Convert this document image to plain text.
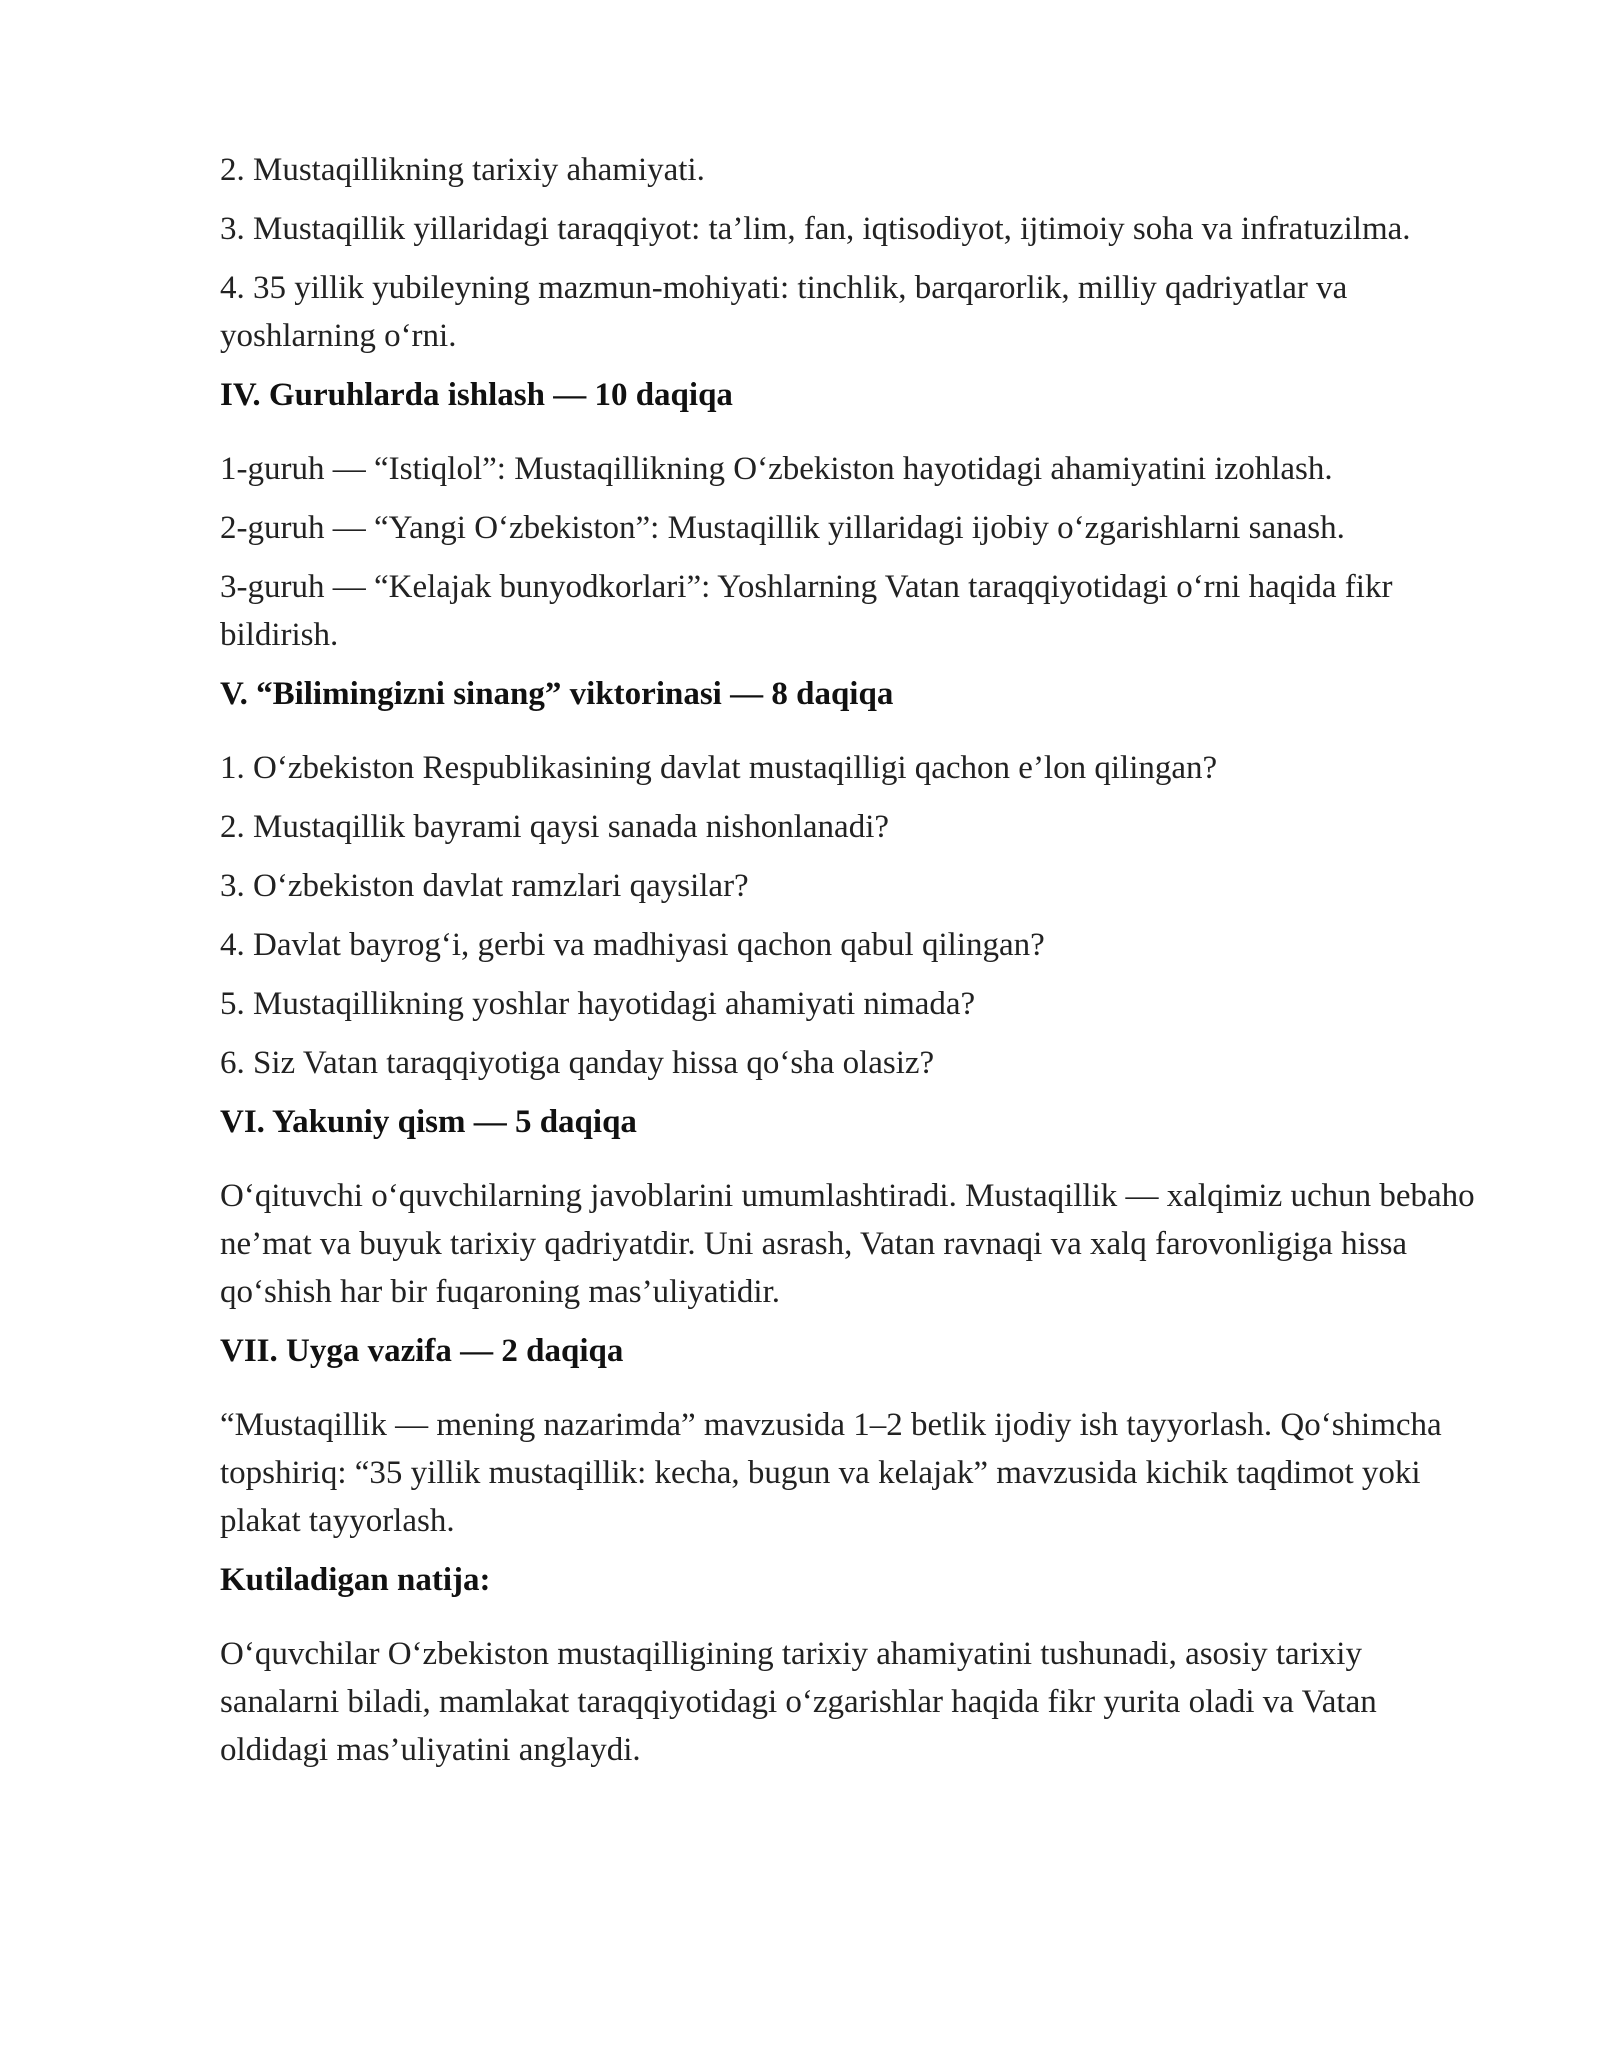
2. Mustaqillikning tarixiy ahamiyati.

3. Mustaqillik yillaridagi taraqqiyot: ta’lim, fan, iqtisodiyot, ijtimoiy soha va infratuzilma.

4. 35 yillik yubileyning mazmun-mohiyati: tinchlik, barqarorlik, milliy qadriyatlar va yoshlarning o‘rni.

IV. Guruhlarda ishlash — 10 daqiqa

1-guruh — “Istiqlol”: Mustaqillikning O‘zbekiston hayotidagi ahamiyatini izohlash.

2-guruh — “Yangi O‘zbekiston”: Mustaqillik yillaridagi ijobiy o‘zgarishlarni sanash.

3-guruh — “Kelajak bunyodkorlari”: Yoshlarning Vatan taraqqiyotidagi o‘rni haqida fikr bildirish.

V. “Bilimingizni sinang” viktorinasi — 8 daqiqa

1. O‘zbekiston Respublikasining davlat mustaqilligi qachon e’lon qilingan?

2. Mustaqillik bayrami qaysi sanada nishonlanadi?

3. O‘zbekiston davlat ramzlari qaysilar?

4. Davlat bayrog‘i, gerbi va madhiyasi qachon qabul qilingan?

5. Mustaqillikning yoshlar hayotidagi ahamiyati nimada?

6. Siz Vatan taraqqiyotiga qanday hissa qo‘sha olasiz?

VI. Yakuniy qism — 5 daqiqa

O‘qituvchi o‘quvchilarning javoblarini umumlashtiradi. Mustaqillik — xalqimiz uchun bebaho ne’mat va buyuk tarixiy qadriyatdir. Uni asrash, Vatan ravnaqi va xalq farovonligiga hissa qo‘shish har bir fuqaroning mas’uliyatidir.

VII. Uyga vazifa — 2 daqiqa

“Mustaqillik — mening nazarimda” mavzusida 1–2 betlik ijodiy ish tayyorlash. Qo‘shimcha topshiriq: “35 yillik mustaqillik: kecha, bugun va kelajak” mavzusida kichik taqdimot yoki plakat tayyorlash.

Kutiladigan natija:

O‘quvchilar O‘zbekiston mustaqilligining tarixiy ahamiyatini tushunadi, asosiy tarixiy sanalarni biladi, mamlakat taraqqiyotidagi o‘zgarishlar haqida fikr yurita oladi va Vatan oldidagi mas’uliyatini anglaydi.
